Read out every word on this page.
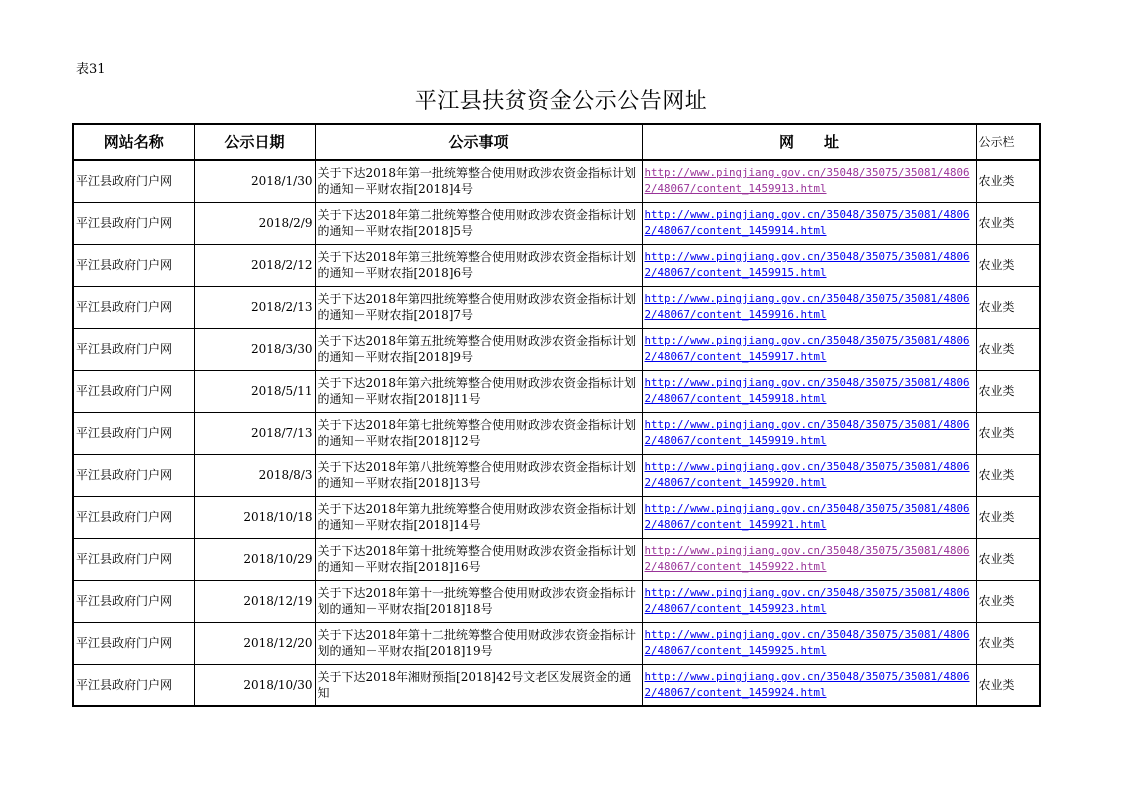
表31
平江县扶贫资金公示公告网址
网站名称	公示日期	公示事项	网　　址	公示栏
平江县政府门户网	2018/1/30	关于下达2018年第一批统筹整合使用财政涉农资金指标计划的通知－平财农指[2018]4号	http://www.pingjiang.gov.cn/35048/35075/35081/48062/48067/content_1459913.html	农业类
平江县政府门户网	2018/2/9	关于下达2018年第二批统筹整合使用财政涉农资金指标计划的通知－平财农指[2018]5号	http://www.pingjiang.gov.cn/35048/35075/35081/48062/48067/content_1459914.html	农业类
平江县政府门户网	2018/2/12	关于下达2018年第三批统筹整合使用财政涉农资金指标计划的通知－平财农指[2018]6号	http://www.pingjiang.gov.cn/35048/35075/35081/48062/48067/content_1459915.html	农业类
平江县政府门户网	2018/2/13	关于下达2018年第四批统筹整合使用财政涉农资金指标计划的通知－平财农指[2018]7号	http://www.pingjiang.gov.cn/35048/35075/35081/48062/48067/content_1459916.html	农业类
平江县政府门户网	2018/3/30	关于下达2018年第五批统筹整合使用财政涉农资金指标计划的通知－平财农指[2018]9号	http://www.pingjiang.gov.cn/35048/35075/35081/48062/48067/content_1459917.html	农业类
平江县政府门户网	2018/5/11	关于下达2018年第六批统筹整合使用财政涉农资金指标计划的通知－平财农指[2018]11号	http://www.pingjiang.gov.cn/35048/35075/35081/48062/48067/content_1459918.html	农业类
平江县政府门户网	2018/7/13	关于下达2018年第七批统筹整合使用财政涉农资金指标计划的通知－平财农指[2018]12号	http://www.pingjiang.gov.cn/35048/35075/35081/48062/48067/content_1459919.html	农业类
平江县政府门户网	2018/8/3	关于下达2018年第八批统筹整合使用财政涉农资金指标计划的通知－平财农指[2018]13号	http://www.pingjiang.gov.cn/35048/35075/35081/48062/48067/content_1459920.html	农业类
平江县政府门户网	2018/10/18	关于下达2018年第九批统筹整合使用财政涉农资金指标计划的通知－平财农指[2018]14号	http://www.pingjiang.gov.cn/35048/35075/35081/48062/48067/content_1459921.html	农业类
平江县政府门户网	2018/10/29	关于下达2018年第十批统筹整合使用财政涉农资金指标计划的通知－平财农指[2018]16号	http://www.pingjiang.gov.cn/35048/35075/35081/48062/48067/content_1459922.html	农业类
平江县政府门户网	2018/12/19	关于下达2018年第十一批统筹整合使用财政涉农资金指标计划的通知－平财农指[2018]18号	http://www.pingjiang.gov.cn/35048/35075/35081/48062/48067/content_1459923.html	农业类
平江县政府门户网	2018/12/20	关于下达2018年第十二批统筹整合使用财政涉农资金指标计划的通知－平财农指[2018]19号	http://www.pingjiang.gov.cn/35048/35075/35081/48062/48067/content_1459925.html	农业类
平江县政府门户网	2018/10/30	关于下达2018年湘财预指[2018]42号文老区发展资金的通知	http://www.pingjiang.gov.cn/35048/35075/35081/48062/48067/content_1459924.html	农业类
